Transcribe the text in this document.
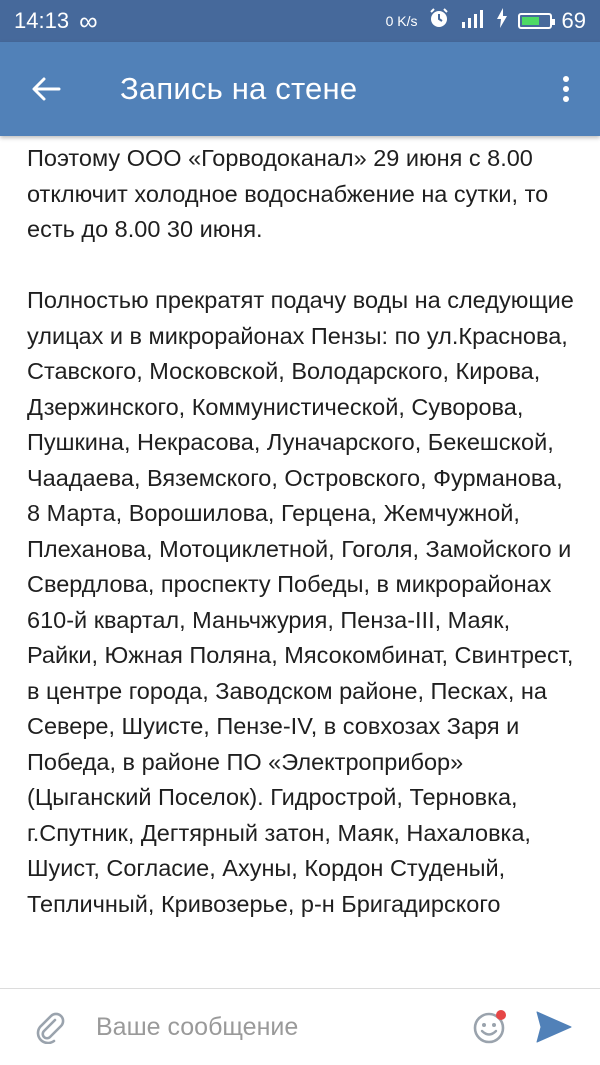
14:13 ∞	0 K/s	69
Запись на стене

Поэтому ООО «Горводоканал» 29 июня с 8.00 отключит холодное водоснабжение на сутки, то есть до 8.00 30 июня.

Полностью прекратят подачу воды на следующие улицах и в микрорайонах Пензы: по ул.Краснова, Ставского, Московской, Володарского, Кирова, Дзержинского, Коммунистической, Суворова, Пушкина, Некрасова, Луначарского, Бекешской, Чаадаева, Вяземского, Островского, Фурманова, 8 Марта, Ворошилова, Герцена, Жемчужной, Плеханова, Мотоциклетной, Гоголя, Замойского и Свердлова, проспекту Победы, в микрорайонах 610-й квартал, Маньчжурия, Пенза-III, Маяк, Райки, Южная Поляна, Мясокомбинат, Свинтрест, в центре города, Заводском районе, Песках, на Севере, Шуисте, Пензе-IV, в совхозах Заря и Победа, в районе ПО «Электроприбор» (Цыганский Поселок). Гидрострой, Терновка, г.Спутник, Дегтярный затон, Маяк, Нахаловка, Шуист, Согласие, Ахуны, Кордон Студеный, Тепличный, Кривозерье, р-н Бригадирского

Ваше сообщение
